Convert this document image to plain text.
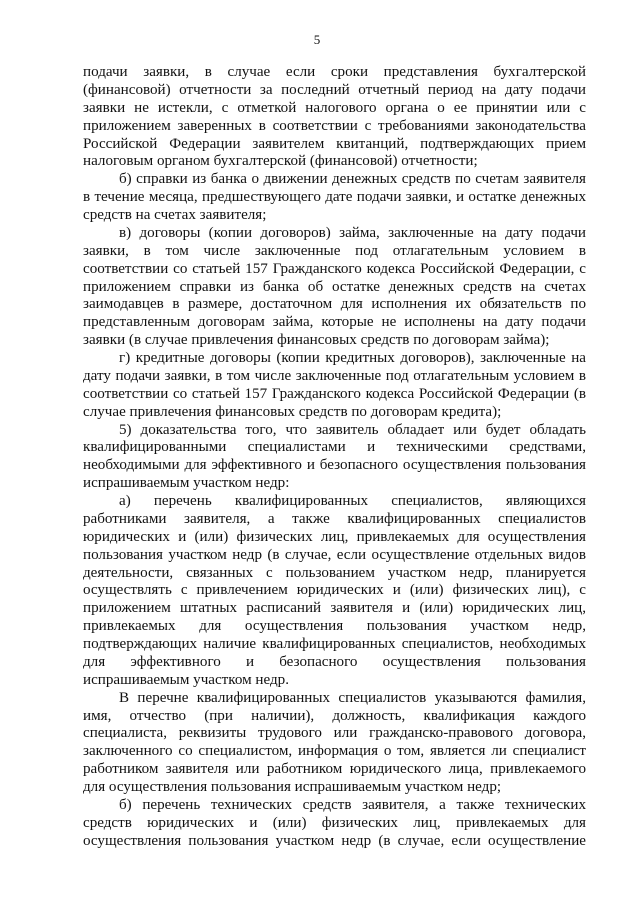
5

подачи заявки, в случае если сроки представления бухгалтерской (финансовой) отчетности за последний отчетный период на дату подачи заявки не истекли, с отметкой налогового органа о ее принятии или с приложением заверенных в соответствии с требованиями законодательства Российской Федерации заявителем квитанций, подтверждающих прием налоговым органом бухгалтерской (финансовой) отчетности;

б) справки из банка о движении денежных средств по счетам заявителя в течение месяца, предшествующего дате подачи заявки, и остатке денежных средств на счетах заявителя;

в) договоры (копии договоров) займа, заключенные на дату подачи заявки, в том числе заключенные под отлагательным условием в соответствии со статьей 157 Гражданского кодекса Российской Федерации, с приложением справки из банка об остатке денежных средств на счетах заимодавцев в размере, достаточном для исполнения их обязательств по представленным договорам займа, которые не исполнены на дату подачи заявки (в случае привлечения финансовых средств по договорам займа);

г) кредитные договоры (копии кредитных договоров), заключенные на дату подачи заявки, в том числе заключенные под отлагательным условием в соответствии со статьей 157 Гражданского кодекса Российской Федерации (в случае привлечения финансовых средств по договорам кредита);

5) доказательства того, что заявитель обладает или будет обладать квалифицированными специалистами и техническими средствами, необходимыми для эффективного и безопасного осуществления пользования испрашиваемым участком недр:

а) перечень квалифицированных специалистов, являющихся работниками заявителя, а также квалифицированных специалистов юридических и (или) физических лиц, привлекаемых для осуществления пользования участком недр (в случае, если осуществление отдельных видов деятельности, связанных с пользованием участком недр, планируется осуществлять с привлечением юридических и (или) физических лиц), с приложением штатных расписаний заявителя и (или) юридических лиц, привлекаемых для осуществления пользования участком недр, подтверждающих наличие квалифицированных специалистов, необходимых для эффективного и безопасного осуществления пользования испрашиваемым участком недр.

В перечне квалифицированных специалистов указываются фамилия, имя, отчество (при наличии), должность, квалификация каждого специалиста, реквизиты трудового или гражданско-правового договора, заключенного со специалистом, информация о том, является ли специалист работником заявителя или работником юридического лица, привлекаемого для осуществления пользования испрашиваемым участком недр;

б) перечень технических средств заявителя, а также технических средств юридических и (или) физических лиц, привлекаемых для осуществления пользования участком недр (в случае, если осуществление
